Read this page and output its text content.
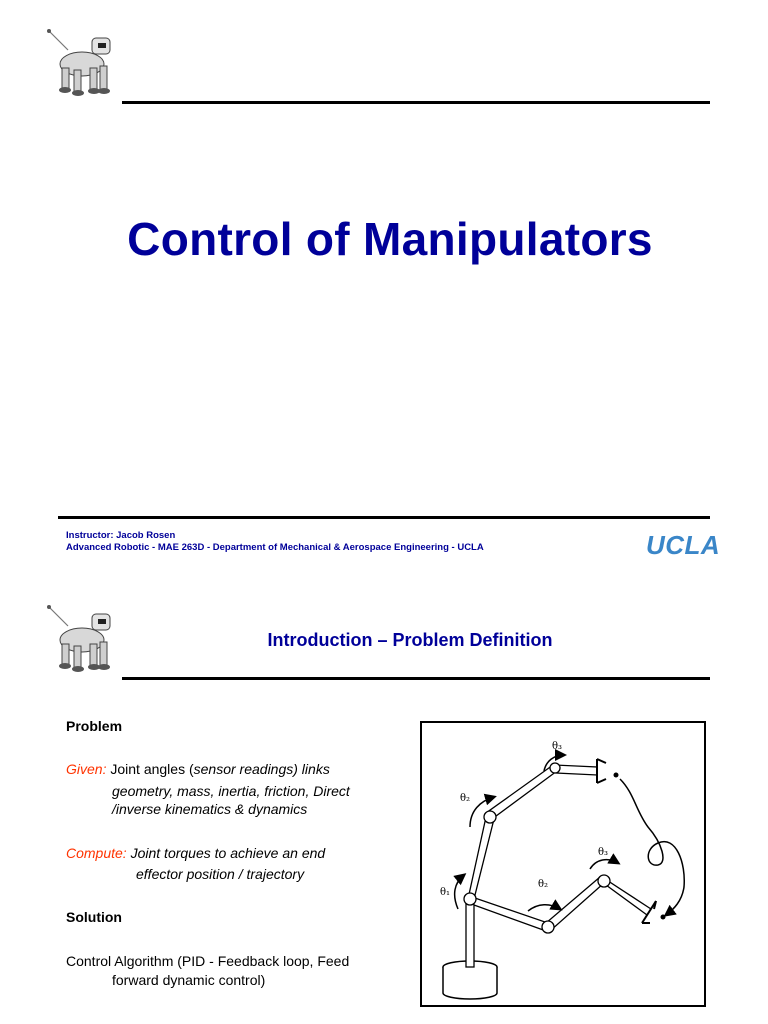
Control of Manipulators
Instructor: Jacob Rosen
Advanced Robotic - MAE 263D - Department of Mechanical & Aerospace Engineering - UCLA	UCLA
Introduction – Problem Definition
Problem
Given: Joint angles (sensor readings) links
geometry, mass, inertia, friction, Direct
/inverse kinematics & dynamics
Compute: Joint torques to achieve an end
effector position / trajectory
Solution
Control Algorithm (PID - Feedback loop, Feed
forward dynamic control)
θ₁
θ₂
θ₃
θ₂
θ₃
